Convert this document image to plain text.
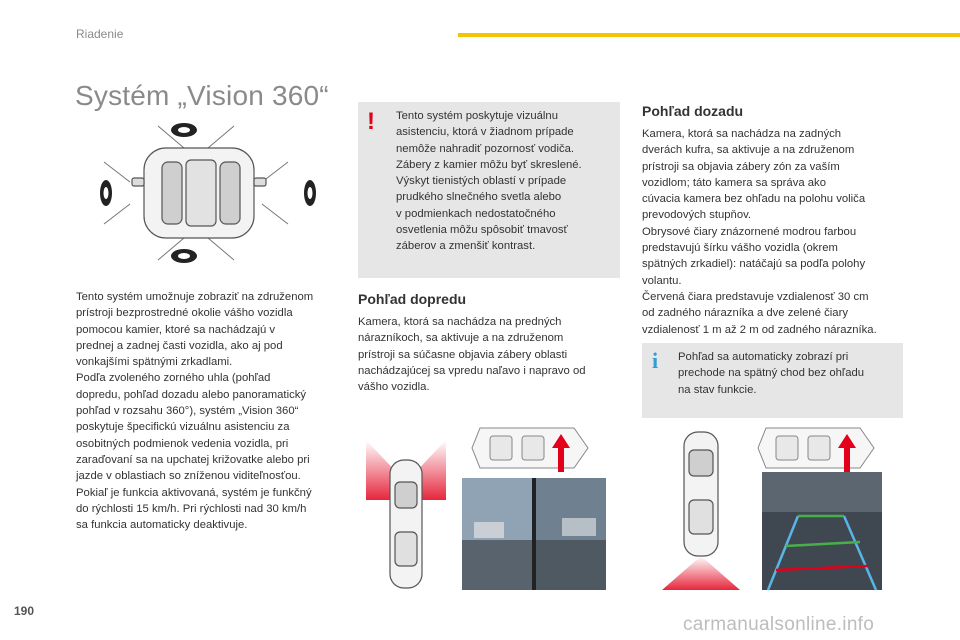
Riadenie
Systém „Vision 360“

Tento systém umožnuje zobraziť na združenom
prístroji bezprostredné okolie vášho vozidla
pomocou kamier, ktoré sa nachádzajú v
prednej a zadnej časti vozidla, ako aj pod
vonkajšími spätnými zrkadlami.
Podľa zvoleného zorného uhla (pohľad
dopredu, pohľad dozadu alebo panoramatický
pohľad v rozsahu 360°), systém „Vision 360“
poskytuje špecifickú vizuálnu asistenciu za
osobitných podmienok vedenia vozidla, pri
zaraďovaní sa na upchatej križovatke alebo pri
jazde v oblastiach so zníženou viditeľnosťou.
Pokiaľ je funkcia aktivovaná, systém je funkčný
do rýchlosti 15 km/h. Pri rýchlosti nad 30 km/h
sa funkcia automaticky deaktivuje.

! Tento systém poskytuje vizuálnu
asistenciu, ktorá v žiadnom prípade
nemôže nahradiť pozornosť vodiča.
Zábery z kamier môžu byť skreslené.
Výskyt tienistých oblastí v prípade
prudkého slnečného svetla alebo
v podmienkach nedostatočného
osvetlenia môžu spôsobiť tmavosť
záberov a zmenšiť kontrast.

Pohľad dopredu

Kamera, ktorá sa nachádza na predných
nárazníkoch, sa aktivuje a na združenom
prístroji sa súčasne objavia zábery oblasti
nachádzajúcej sa vpredu naľavo i napravo od
vášho vozidla.

Pohľad dozadu

Kamera, ktorá sa nachádza na zadných
dverách kufra, sa aktivuje a na združenom
prístroji sa objavia zábery zón za vaším
vozidlom; táto kamera sa správa ako
cúvacia kamera bez ohľadu na polohu voliča
prevodových stupňov.
Obrysové čiary znázornené modrou farbou
predstavujú šírku vášho vozidla (okrem
spätných zrkadiel): natáčajú sa podľa polohy
volantu.
Červená čiara predstavuje vzdialenosť 30 cm
od zadného nárazníka a dve zelené čiary
vzdialenosť 1 m až 2 m od zadného nárazníka.

i Pohľad sa automaticky zobrazí pri
prechode na spätný chod bez ohľadu
na stav funkcie.

190
carmanualsonline.info
